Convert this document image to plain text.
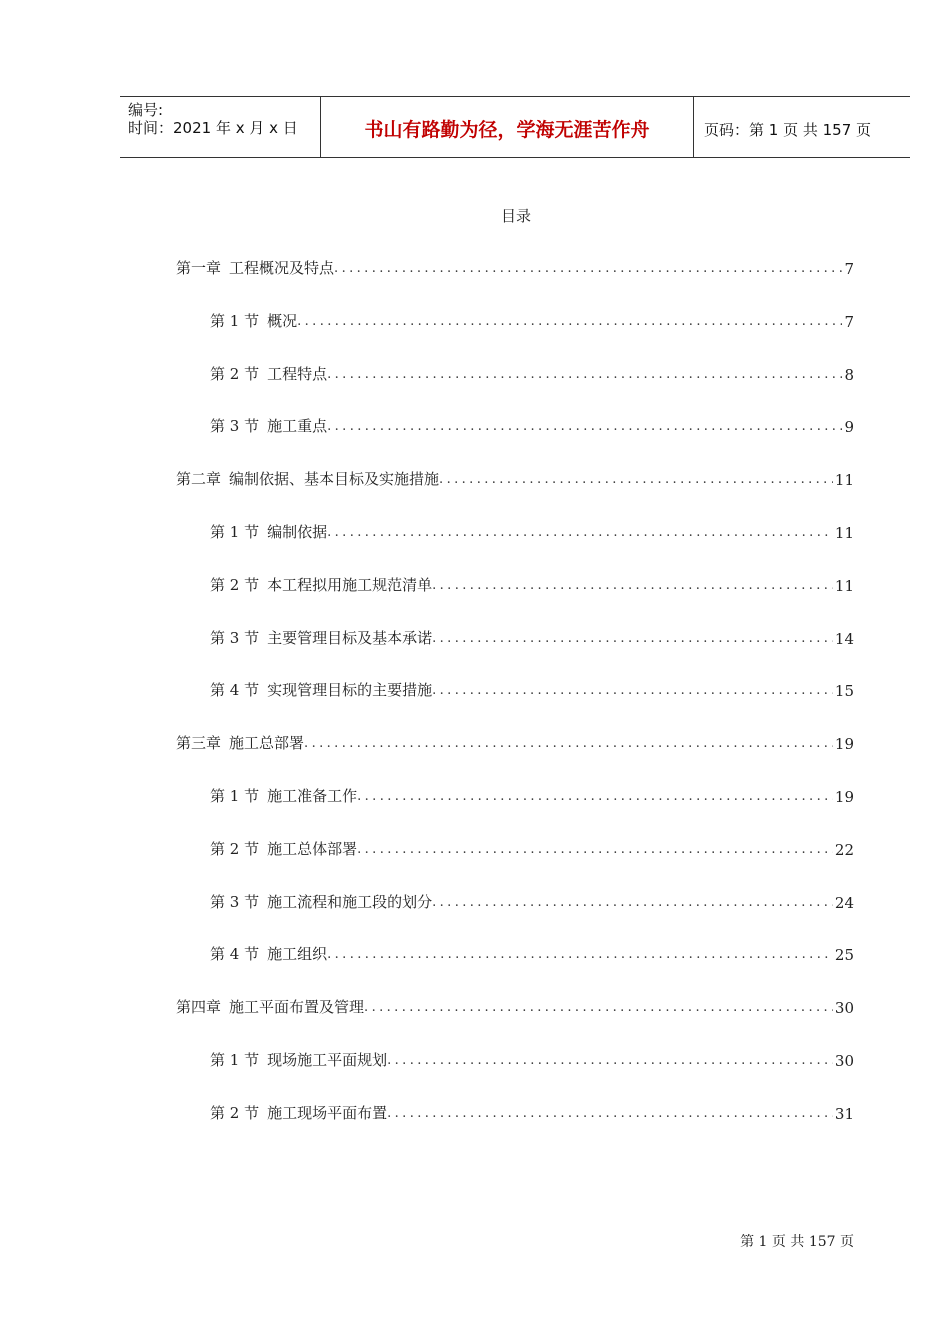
编号:
时间：2021 年 x 月 x 日	书山有路勤为径，学海无涯苦作舟	页码：第 1 页 共 157 页
目录
第一章 工程概况及特点 .....	7
第 1 节 概况 .....	7
第 2 节 工程特点 .....	8
第 3 节 施工重点 .....	9
第二章 编制依据、基本目标及实施措施 .....	11
第 1 节 编制依据 .....	11
第 2 节 本工程拟用施工规范清单 .....	11
第 3 节 主要管理目标及基本承诺 .....	14
第 4 节 实现管理目标的主要措施 .....	15
第三章 施工总部署 .....	19
第 1 节 施工准备工作 .....	19
第 2 节 施工总体部署 .....	22
第 3 节 施工流程和施工段的划分 .....	24
第 4 节 施工组织 .....	25
第四章 施工平面布置及管理 .....	30
第 1 节 现场施工平面规划 .....	30
第 2 节 施工现场平面布置 .....	31
第 1 页 共 157 页
